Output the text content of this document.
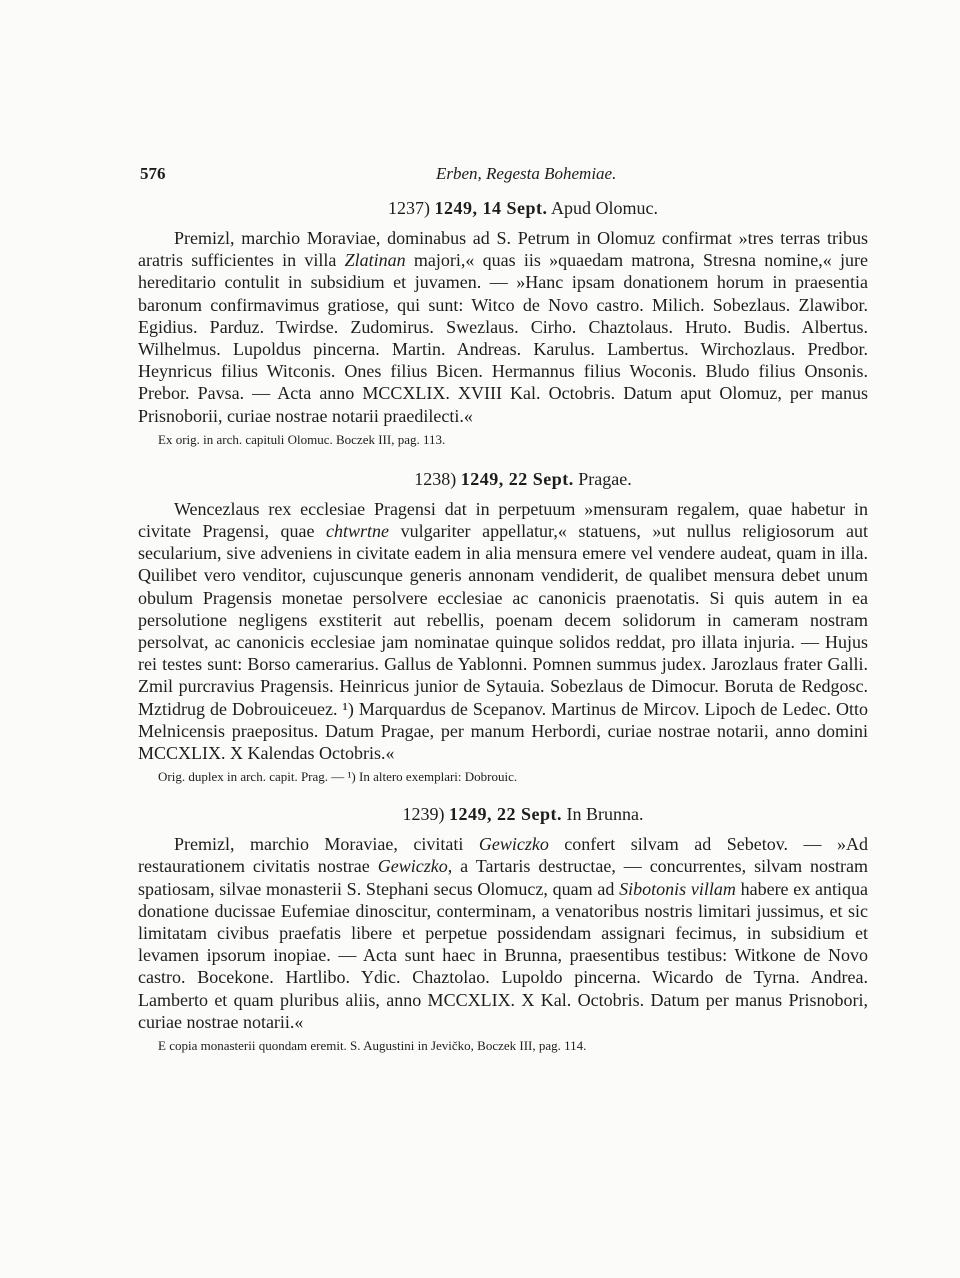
576	Erben, Regesta Bohemiae.
1237) 1249, 14 Sept. Apud Olomuc.

Premizl, marchio Moraviae, dominabus ad S. Petrum in Olomuz confirmat »tres terras tribus aratris sufficientes in villa Zlatinan majori,« quas iis »quaedam matrona, Stresna nomine,« jure hereditario contulit in subsidium et juvamen. — »Hanc ipsam donationem horum in praesentia baronum confirmavimus gratiose, qui sunt: Witco de Novo castro. Milich. Sobezlaus. Zlawibor. Egidius. Parduz. Twirdse. Zudomirus. Swezlaus. Cirho. Chaztolaus. Hruto. Budis. Albertus. Wilhelmus. Lupoldus pincerna. Martin. Andreas. Karulus. Lambertus. Wirchozlaus. Predbor. Heynricus filius Witconis. Ones filius Bicen. Hermannus filius Woconis. Bludo filius Onsonis. Prebor. Pavsa. — Acta anno MCCXLIX. XVIII Kal. Octobris. Datum aput Olomuz, per manus Prisnoborii, curiae nostrae notarii praedilecti.«

Ex orig. in arch. capituli Olomuc. Boczek III, pag. 113.
1238) 1249, 22 Sept. Pragae.

Wencezlaus rex ecclesiae Pragensi dat in perpetuum »mensuram regalem, quae habetur in civitate Pragensi, quae chtwrtne vulgariter appellatur,« statuens, »ut nullus religiosorum aut secularium, sive adveniens in civitate eadem in alia mensura emere vel vendere audeat, quam in illa. Quilibet vero venditor, cujuscunque generis annonam vendiderit, de qualibet mensura debet unum obulum Pragensis monetae persolvere ecclesiae ac canonicis praenotatis. Si quis autem in ea persolutione negligens exstiterit aut rebellis, poenam decem solidorum in cameram nostram persolvat, ac canonicis ecclesiae jam nominatae quinque solidos reddat, pro illata injuria. — Hujus rei testes sunt: Borso camerarius. Gallus de Yablonni. Pomnen summus judex. Jarozlaus frater Galli. Zmil purcravius Pragensis. Heinricus junior de Sytauia. Sobezlaus de Dimocur. Boruta de Redgosc. Mztidrug de Dobrouiceuez. ¹) Marquardus de Scepanov. Martinus de Mircov. Lipoch de Ledec. Otto Melnicensis praepositus. Datum Pragae, per manum Herbordi, curiae nostrae notarii, anno domini MCCXLIX. X Kalendas Octobris.«

Orig. duplex in arch. capit. Prag. — ¹) In altero exemplari: Dobrouic.
1239) 1249, 22 Sept. In Brunna.

Premizl, marchio Moraviae, civitati Gewiczko confert silvam ad Sebetov. — »Ad restaurationem civitatis nostrae Gewiczko, a Tartaris destructae, — concurrentes, silvam nostram spatiosam, silvae monasterii S. Stephani secus Olomucz, quam ad Sibotonis villam habere ex antiqua donatione ducissae Eufemiae dinoscitur, conterminam, a venatoribus nostris limitari jussimus, et sic limitatam civibus praefatis libere et perpetue possidendam assignari fecimus, in subsidium et levamen ipsorum inopiae. — Acta sunt haec in Brunna, praesentibus testibus: Witkone de Novo castro. Bocekone. Hartlibo. Ydic. Chaztolao. Lupoldo pincerna. Wicardo de Tyrna. Andrea. Lamberto et quam pluribus aliis, anno MCCXLIX. X Kal. Octobris. Datum per manus Prisnobori, curiae nostrae notarii.«

E copia monasterii quondam eremit. S. Augustini in Jevičko, Boczek III, pag. 114.
